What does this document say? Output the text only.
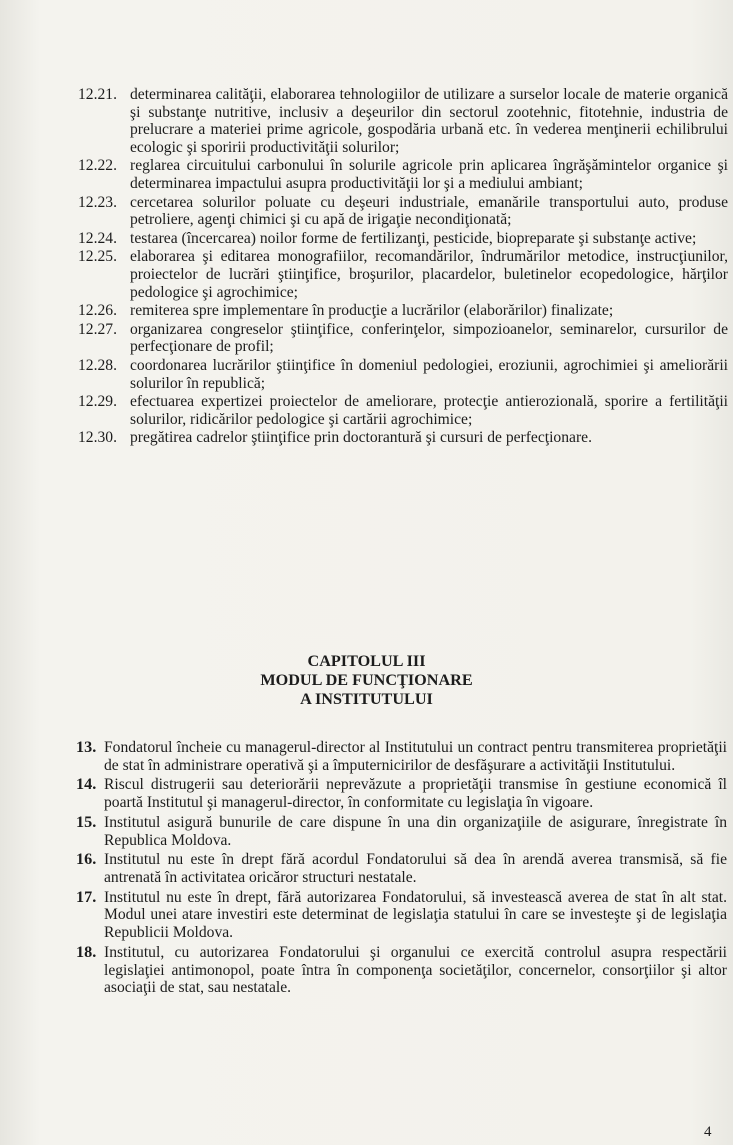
12.21. determinarea calităţii, elaborarea tehnologiilor de utilizare a surselor locale de materie organică şi substanţe nutritive, inclusiv a deşeurilor din sectorul zootehnic, fitotehnie, industria de prelucrare a materiei prime agricole, gospodăria urbană etc. în vederea menţinerii echilibrului ecologic şi sporirii productivităţii solurilor;
12.22. reglarea circuitului carbonului în solurile agricole prin aplicarea îngrăşămintelor organice şi determinarea impactului asupra productivităţii lor şi a mediului ambiant;
12.23. cercetarea solurilor poluate cu deşeuri industriale, emanările transportului auto, produse petroliere, agenţi chimici şi cu apă de irigaţie necondiţionată;
12.24. testarea (încercarea) noilor forme de fertilizanţi, pesticide, biopreparate şi substanţe active;
12.25. elaborarea şi editarea monografiilor, recomandărilor, îndrumărilor metodice, instrucţiunilor, proiectelor de lucrări ştiinţifice, broşurilor, placardelor, buletinelor ecopedologice, hărţilor pedologice şi agrochimice;
12.26. remiterea spre implementare în producţie a lucrărilor (elaborărilor) finalizate;
12.27. organizarea congreselor ştiinţifice, conferinţelor, simpozioanelor, seminarelor, cursurilor de perfecţionare de profil;
12.28. coordonarea lucrărilor ştiinţifice în domeniul pedologiei, eroziunii, agrochimiei şi ameliorării solurilor în republică;
12.29. efectuarea expertizei proiectelor de ameliorare, protecţie antierozională, sporire a fertilităţii solurilor, ridicărilor pedologice şi cartării agrochimice;
12.30. pregătirea cadrelor ştiinţifice prin doctorantură şi cursuri de perfecţionare.
CAPITOLUL III
MODUL DE FUNCŢIONARE
A INSTITUTULUI
13. Fondatorul încheie cu managerul-director al Institutului un contract pentru transmiterea proprietăţii de stat în administrare operativă şi a împuternicirilor de desfăşurare a activităţii Institutului.
14. Riscul distrugerii sau deteriorării neprevăzute a proprietăţii transmise în gestiune economică îl poartă Institutul şi managerul-director, în conformitate cu legislaţia în vigoare.
15. Institutul asigură bunurile de care dispune în una din organizaţiile de asigurare, înregistrate în Republica Moldova.
16. Institutul nu este în drept fără acordul Fondatorului să dea în arendă averea transmisă, să fie antrenată în activitatea oricăror structuri nestatale.
17. Institutul nu este în drept, fără autorizarea Fondatorului, să investească averea de stat în alt stat. Modul unei atare investiri este determinat de legislaţia statului în care se investeşte şi de legislaţia Republicii Moldova.
18. Institutul, cu autorizarea Fondatorului şi organului ce exercită controlul asupra respectării legislaţiei antimonopol, poate întra în componenţa societăţilor, concernelor, consorţiilor şi altor asociaţii de stat, sau nestatale.
4
